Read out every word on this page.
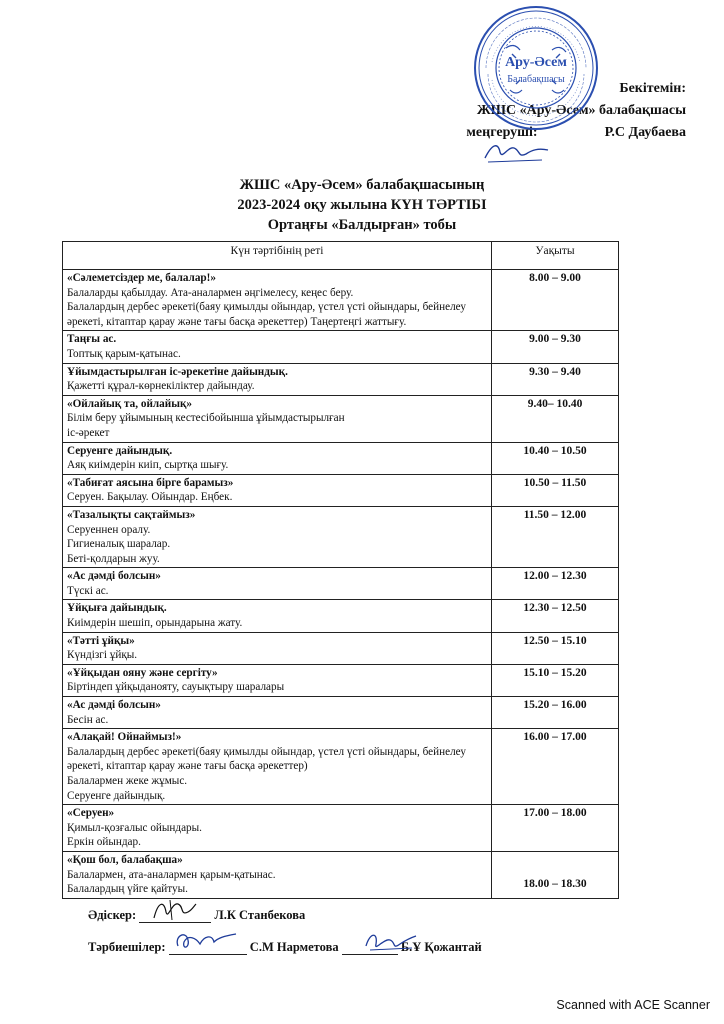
Бекітемін:
ЖШС «Ару-Әсем» балабақшасы
меңгеруші:	Р.С Даубаева
Ару-Әсем
Балабақшасы
ЖШС «Ару-Әсем» балабақшасының
2023-2024 оқу жылына КҮН ТӘРТІБІ
Ортаңғы «Балдырған» тобы
Күн тәртібінің реті	Уақыты

«Сәлеметсіздер ме, балалар!»
Балаларды қабылдау. Ата-аналармен әңгімелесу, кеңес беру.
Балалардың дербес әрекеті(баяу қимылды ойындар, үстел үсті ойындары, бейнелеу әрекеті, кітаптар қарау және тағы басқа әрекеттер) Таңертеңгі жаттығу.	8.00 – 9.00

Таңғы ас.
Топтық қарым-қатынас.	9.00 – 9.30

Ұйымдастырылған іс-әрекетіне дайындық.
Қажетті құрал-көрнекіліктер дайындау.	9.30 – 9.40

«Ойлайық та, ойлайық»
Білім беру ұйымының кестесібойынша ұйымдастырылған
іс-әрекет	9.40– 10.40

Серуенге дайындық.
Аяқ киімдерін киіп, сыртқа шығу.	10.40 – 10.50

«Табиғат аясына бірге барамыз»
Серуен. Бақылау. Ойындар. Еңбек.	10.50 – 11.50

«Тазалықты сақтаймыз»
Серуеннен оралу.
Гигиеналық шаралар.
Беті-қолдарын жуу.	11.50 – 12.00

«Ас дәмді болсын»
Түскі ас.	12.00 – 12.30

Ұйқыға дайындық.
Киімдерін шешіп, орындарына жату.	12.30 – 12.50

«Тәтті ұйқы»
Күндізгі ұйқы.	12.50 – 15.10

«Ұйқыдан ояну және сергіту»
Біртіндеп ұйқыданояту, сауықтыру шаралары	15.10 – 15.20

«Ас дәмді болсын»
Бесін ас.	15.20 – 16.00

«Алақай! Ойнаймыз!»
Балалардың дербес әрекеті(баяу қимылды ойындар, үстел үсті ойындары, бейнелеу әрекеті, кітаптар қарау және тағы басқа әрекеттер)
Балалармен жеке жұмыс.
Серуенге дайындық.	16.00 – 17.00

«Серуен»
Қимыл-қозғалыс ойындары.
Еркін ойындар.	17.00 – 18.00

«Қош бол, балабақша»
Балалармен, ата-аналармен қарым-қатынас.
Балалардың үйге қайтуы.	18.00 – 18.30
Әдіскер:	Л.К Станбекова
Тәрбиешілер:	С.М Нарметова	Б.Ұ Қожантай
Scanned with ACE Scanner
